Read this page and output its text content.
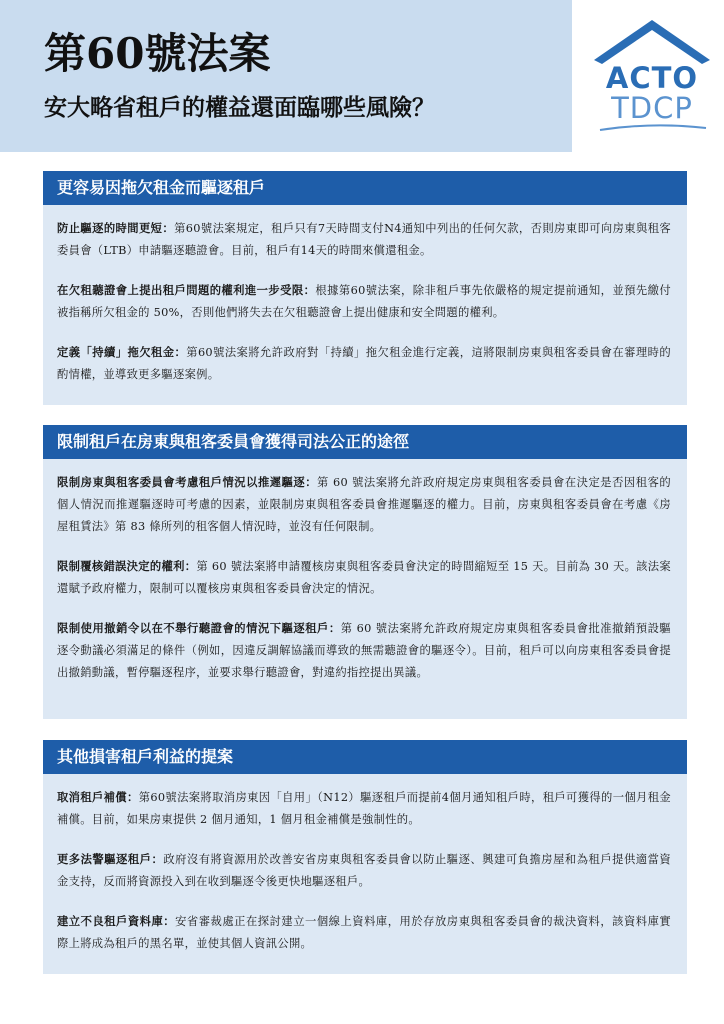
第60號法案
安大略省租戶的權益還面臨哪些風險？
ACTO
TDCP
更容易因拖欠租金而驅逐租戶

防止驅逐的時間更短：第60號法案規定，租戶只有7天時間支付N4通知中列出的任何欠款，否則房東即可向房東與租客委員會（LTB）申請驅逐聽證會。目前，租戶有14天的時間來償還租金。

在欠租聽證會上提出租戶問題的權利進一步受限：根據第60號法案，除非租戶事先依嚴格的規定提前通知，並預先繳付被指稱所欠租金的 50%，否則他們將失去在欠租聽證會上提出健康和安全問題的權利。

定義「持續」拖欠租金：第60號法案將允許政府對「持續」拖欠租金進行定義，這將限制房東與租客委員會在審理時的酌情權，並導致更多驅逐案例。

限制租戶在房東與租客委員會獲得司法公正的途徑

限制房東與租客委員會考慮租戶情況以推遲驅逐：第 60 號法案將允許政府規定房東與租客委員會在決定是否因租客的個人情況而推遲驅逐時可考慮的因素，並限制房東與租客委員會推遲驅逐的權力。目前，房東與租客委員會在考慮《房屋租賃法》第 83 條所列的租客個人情況時，並沒有任何限制。

限制覆核錯誤決定的權利：第 60 號法案將申請覆核房東與租客委員會決定的時間縮短至 15 天。目前為 30 天。該法案還賦予政府權力，限制可以覆核房東與租客委員會決定的情況。

限制使用撤銷令以在不舉行聽證會的情況下驅逐租戶：第 60 號法案將允許政府規定房東與租客委員會批准撤銷預設驅逐令動議必須滿足的條件（例如，因違反調解協議而導致的無需聽證會的驅逐令）。目前，租戶可以向房東租客委員會提出撤銷動議，暫停驅逐程序，並要求舉行聽證會，對違約指控提出異議。

其他損害租戶利益的提案

取消租戶補償：第60號法案將取消房東因「自用」（N12）驅逐租戶而提前4個月通知租戶時，租戶可獲得的一個月租金補償。目前，如果房東提供 2 個月通知，1 個月租金補償是強制性的。

更多法警驅逐租戶：政府沒有將資源用於改善安省房東與租客委員會以防止驅逐、興建可負擔房屋和為租戶提供適當資金支持，反而將資源投入到在收到驅逐令後更快地驅逐租戶。

建立不良租戶資料庫：安省審裁處正在探討建立一個線上資料庫，用於存放房東與租客委員會的裁決資料，該資料庫實際上將成為租戶的黑名單，並使其個人資訊公開。
